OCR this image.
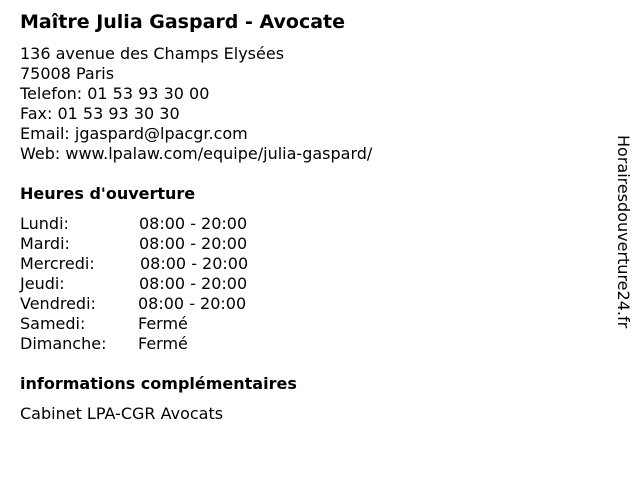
Maître Julia Gaspard - Avocate
136 avenue des Champs Elysées
75008 Paris
Telefon: 01 53 93 30 00
Fax: 01 53 93 30 30
Email: jgaspard@lpacgr.com
Web: www.lpalaw.com/equipe/julia-gaspard/
Heures d'ouverture
Lundi:	08:00 - 20:00
Mardi:	08:00 - 20:00
Mercredi:	08:00 - 20:00
Jeudi:	08:00 - 20:00
Vendredi:	08:00 - 20:00
Samedi:	Fermé
Dimanche: Fermé
informations complémentaires
Cabinet LPA-CGR Avocats
Horairesdouverture24.fr
